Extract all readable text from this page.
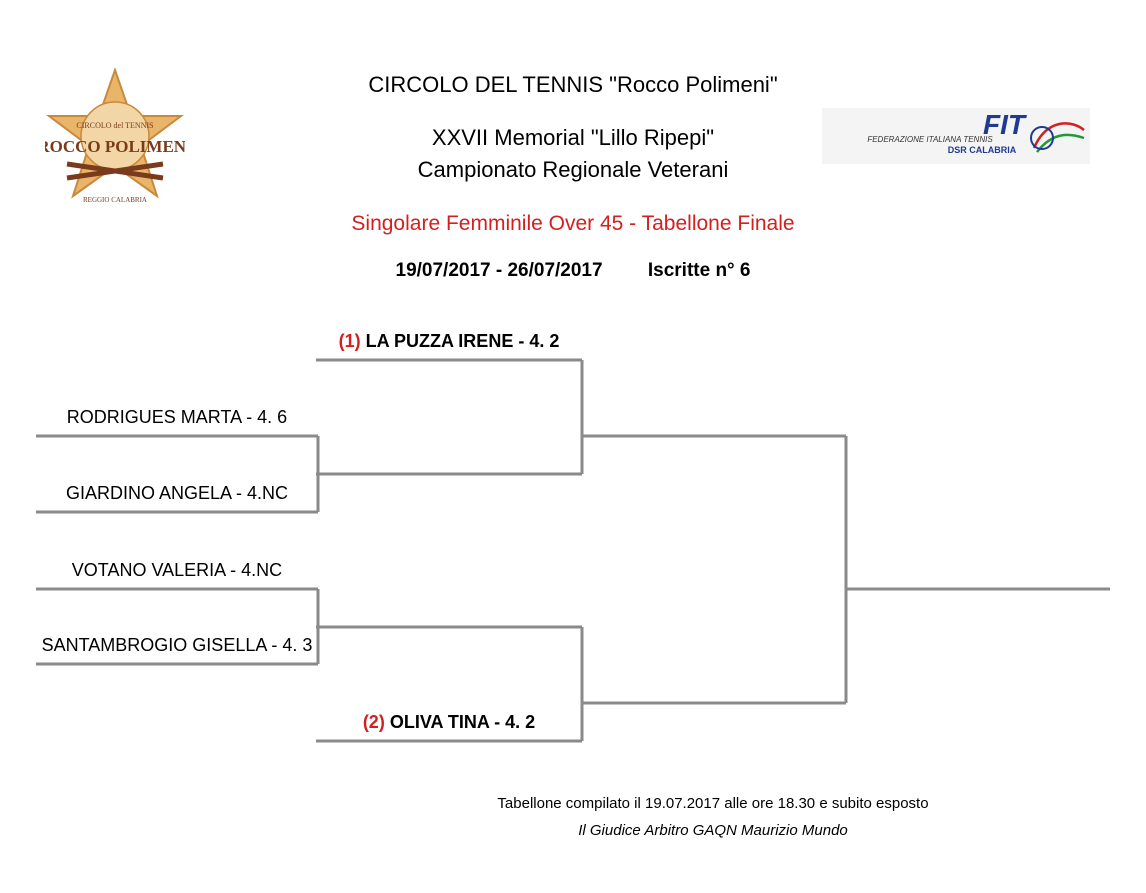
CIRCOLO del TENNIS
ROCCO POLIMENI
REGGIO CALABRIA
FIT
FEDERAZIONE ITALIANA TENNIS
DSR CALABRIA
CIRCOLO DEL TENNIS "Rocco Polimeni"
XXVII Memorial "Lillo Ripepi"
Campionato Regionale Veterani
Singolare Femminile Over 45 - Tabellone Finale
19/07/2017 - 26/07/2017 Iscritte n° 6
(1) LA PUZZA IRENE - 4. 2
(2) OLIVA TINA - 4. 2
RODRIGUES MARTA - 4. 6
GIARDINO ANGELA - 4.NC
VOTANO VALERIA - 4.NC
SANTAMBROGIO GISELLA - 4. 3
Tabellone compilato il 19.07.2017 alle ore 18.30 e subito esposto
Il Giudice Arbitro GAQN Maurizio Mundo
